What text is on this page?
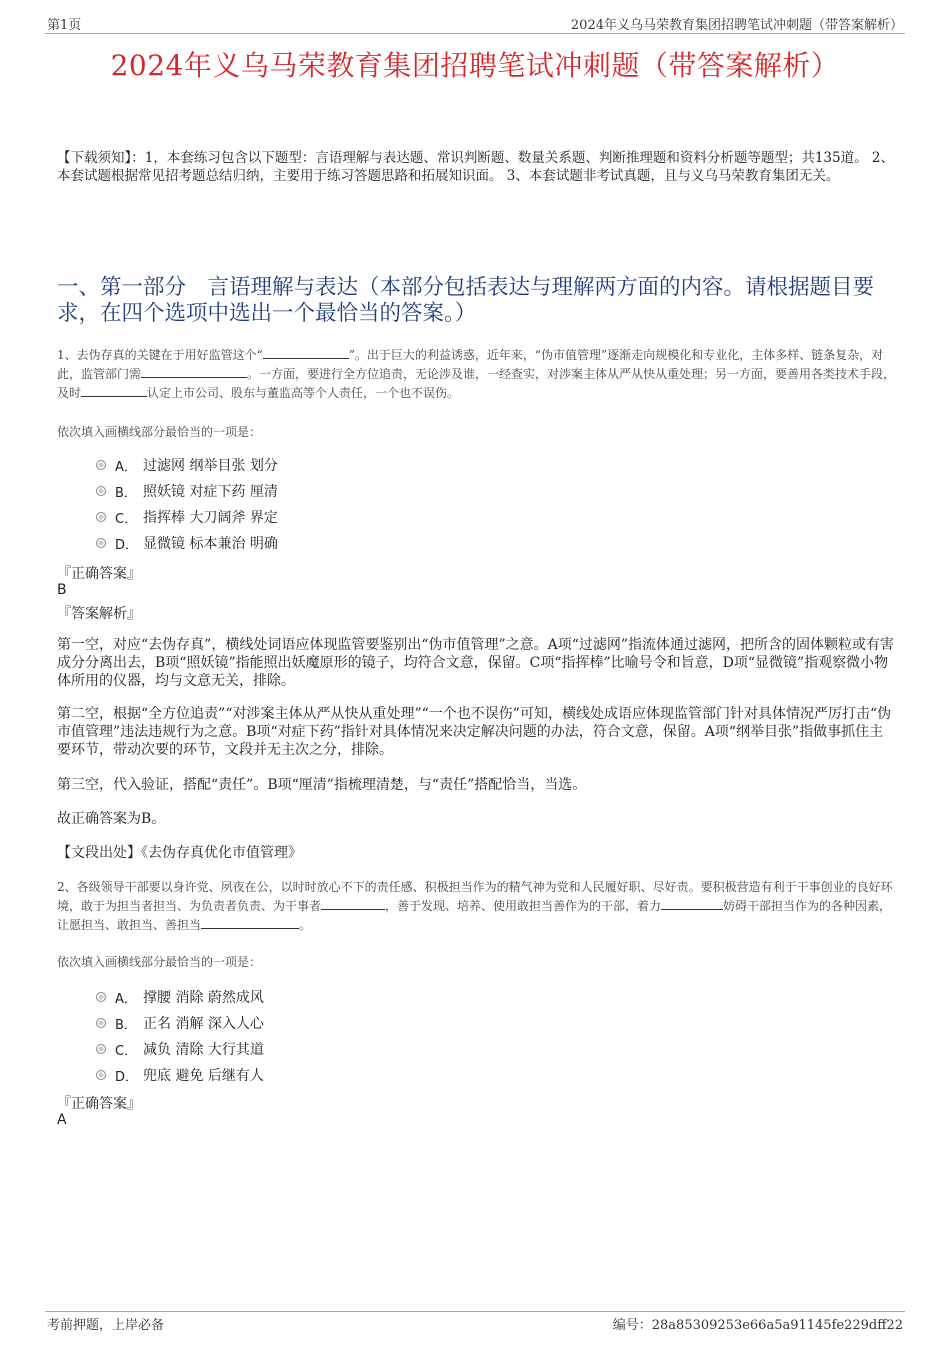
第1页	2024年义乌马荣教育集团招聘笔试冲刺题（带答案解析）
2024年义乌马荣教育集团招聘笔试冲刺题（带答案解析）
【下载须知】：1，本套练习包含以下题型：言语理解与表达题、常识判断题、数量关系题、判断推理题和资料分析题等题型；共135道。 2、本套试题根据常见招考题总结归纳，主要用于练习答题思路和拓展知识面。 3、本套试题非考试真题，且与义乌马荣教育集团无关。
一、第一部分　言语理解与表达（本部分包括表达与理解两方面的内容。请根据题目要求，在四个选项中选出一个最恰当的答案。）
1、去伪存真的关键在于用好监管这个“	”。出于巨大的利益诱惑，近年来，“伪市值管理”逐渐走向规模化和专业化，主体多样、链条复杂，对此，监管部门需	。一方面，要进行全方位追责，无论涉及谁，一经查实，对涉案主体从严从快从重处理；另一方面，要善用各类技术手段，及时	认定上市公司、股东与董监高等个人责任，一个也不误伤。
依次填入画横线部分最恰当的一项是：
A． 过滤网 纲举目张 划分
B． 照妖镜 对症下药 厘清
C． 指挥棒 大刀阔斧 界定
D． 显微镜 标本兼治 明确
『正确答案』
B
『答案解析』
第一空，对应“去伪存真”，横线处词语应体现监管要鉴别出“伪市值管理”之意。A项“过滤网”指流体通过滤网，把所含的固体颗粒或有害成分分离出去，B项“照妖镜”指能照出妖魔原形的镜子，均符合文意，保留。C项“指挥棒”比喻号令和旨意，D项“显微镜”指观察微小物体所用的仪器，均与文意无关，排除。
第二空，根据“全方位追责”“对涉案主体从严从快从重处理”“一个也不误伤”可知，横线处成语应体现监管部门针对具体情况严厉打击“伪市值管理”违法违规行为之意。B项“对症下药”指针对具体情况来决定解决问题的办法，符合文意，保留。A项“纲举目张”指做事抓住主要环节，带动次要的环节，文段并无主次之分，排除。
第三空，代入验证，搭配“责任”。B项“厘清”指梳理清楚，与“责任”搭配恰当，当选。
故正确答案为B。
【文段出处】《去伪存真优化市值管理》
2、各级领导干部要以身许党、夙夜在公，以时时放心不下的责任感、积极担当作为的精气神为党和人民履好职、尽好责。要积极营造有利于干事创业的良好环境，敢于为担当者担当、为负责者负责、为干事者	，善于发现、培养、使用敢担当善作为的干部，着力	妨碍干部担当作为的各种因素，让愿担当、敢担当、善担当	。
依次填入画横线部分最恰当的一项是：
A． 撑腰 消除 蔚然成风
B． 正名 消解 深入人心
C． 减负 清除 大行其道
D． 兜底 避免 后继有人
『正确答案』
A
考前押题，上岸必备	编号：28a85309253e66a5a91145fe229dff22
